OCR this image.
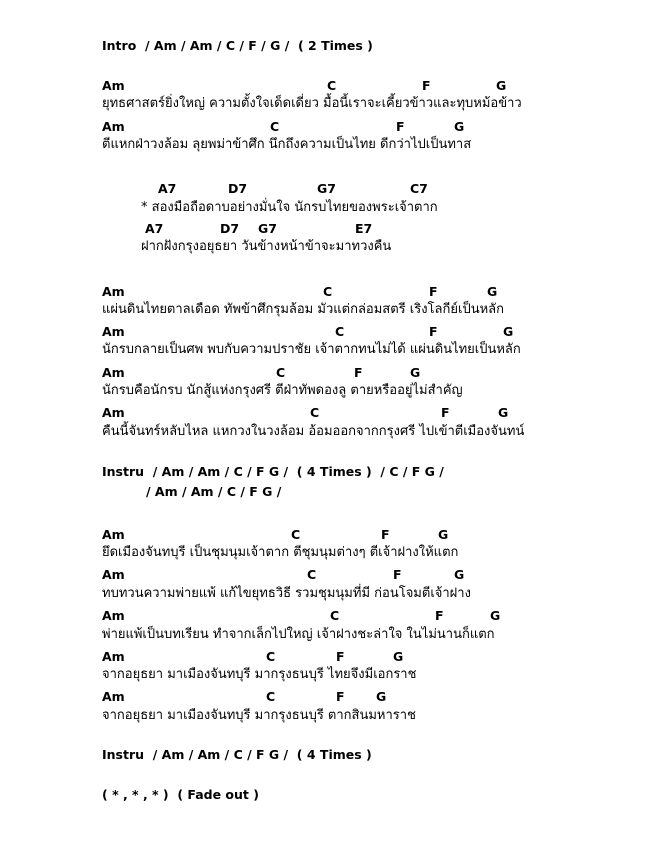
Intro  / Am / Am / C / F / G /  ( 2 Times )
Am	C	F	G
ยุทธศาสตร์ยิ่งใหญ่ ความตั้งใจเด็ดเดี่ยว มื้อนี้เราจะเคี้ยวข้าวและทุบหม้อข้าว
Am	C	F	G
ตีแหกฝ่าวงล้อม ลุยพม่าข้าศึก นึกถึงความเป็นไทย ดีกว่าไปเป็นทาส
A7	D7	G7	C7
* สองมือถือดาบอย่างมั่นใจ นักรบไทยของพระเจ้าตาก
A7	D7 G7	E7
ฝากฝังกรุงอยุธยา วันข้างหน้าข้าจะมาทวงคืน
Am	C	F	G
แผ่นดินไทยตาลเดือด ทัพข้าศึกรุมล้อม มัวแต่กล่อมสตรี เริงโลกีย์เป็นหลัก
Am	C	F	G
นักรบกลายเป็นศพ พบกับความปราชัย เจ้าตากทนไม่ได้ แผ่นดินไทยเป็นหลัก
Am	C	F	G
นักรบคือนักรบ นักสู้แห่งกรุงศรี ตีฝ่าทัพดองลู ตายหรืออยู่ไม่สำคัญ
Am	C	F	G
คืนนี้จันทร์หลับไหล แหกวงในวงล้อม อ้อมออกจากกรุงศรี ไปเข้าตีเมืองจันทน์
Instru  / Am / Am / C / F G /  ( 4 Times )  / C / F G /
/ Am / Am / C / F G /
Am	C	F	G
ยึดเมืองจันทบุรี เป็นชุมนุมเจ้าตาก ตีชุมนุมต่างๆ ตีเจ้าฝางให้แตก
Am	C	F	G
ทบทวนความพ่ายแพ้ แก้ไขยุทธวิธี รวมชุมนุมที่มี ก่อนโจมตีเจ้าฝาง
Am	C	F	G
พ่ายแพ้เป็นบทเรียน ทำจากเล็กไปใหญ่ เจ้าฝางชะล่าใจ ในไม่นานก็แตก
Am	C	F	G
จากอยุธยา มาเมืองจันทบุรี มากรุงธนบุรี ไทยจึงมีเอกราช
Am	C	F	G
จากอยุธยา มาเมืองจันทบุรี มากรุงธนบุรี ตากสินมหาราช
Instru  / Am / Am / C / F G /  ( 4 Times )
( * , * , * )  ( Fade out )
